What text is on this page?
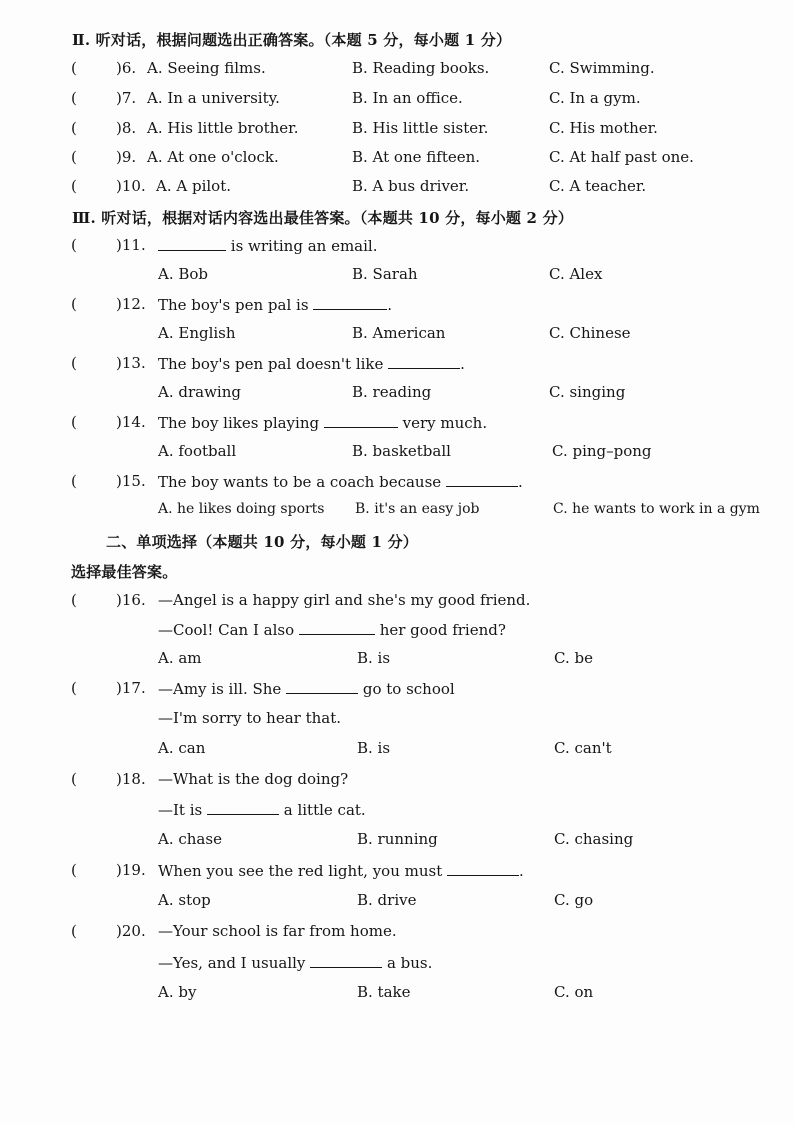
Ⅱ. 听对话，根据问题选出正确答案。（本题 5 分，每小题 1 分）
(	)6. A. Seeing films.	B. Reading books.	C. Swimming.
(	)7. A. In a university.	B. In an office.	C. In a gym.
(	)8. A. His little brother.	B. His little sister.	C. His mother.
(	)9. A. At one o'clock.	B. At one fifteen.	C. At half past one.
(	)10. A. A pilot.	B. A bus driver.	C. A teacher.
Ⅲ. 听对话，根据对话内容选出最佳答案。（本题共 10 分，每小题 2 分）
(	)11.	is writing an email.
A. Bob	B. Sarah	C. Alex
(	)12. The boy's pen pal is	.
A. English	B. American	C. Chinese
(	)13. The boy's pen pal doesn't like	.
A. drawing	B. reading	C. singing
(	)14. The boy likes playing	very much.
A. football	B. basketball	C. ping–pong
(	)15. The boy wants to be a coach because	.
A. he likes doing sports B. it's an easy job	C. he wants to work in a gym
二、单项选择（本题共 10 分，每小题 1 分）
选择最佳答案。
(	)16. —Angel is a happy girl and she's my good friend.
—Cool! Can I also	her good friend?
A. am	B. is	C. be
(	)17. —Amy is ill. She	go to school
—I'm sorry to hear that.
A. can	B. is	C. can't
(	)18. —What is the dog doing?
—It is	a little cat.
A. chase	B. running	C. chasing
(	)19. When you see the red light, you must	.
A. stop	B. drive	C. go
(	)20. —Your school is far from home.
—Yes, and I usually	a bus.
A. by	B. take	C. on
